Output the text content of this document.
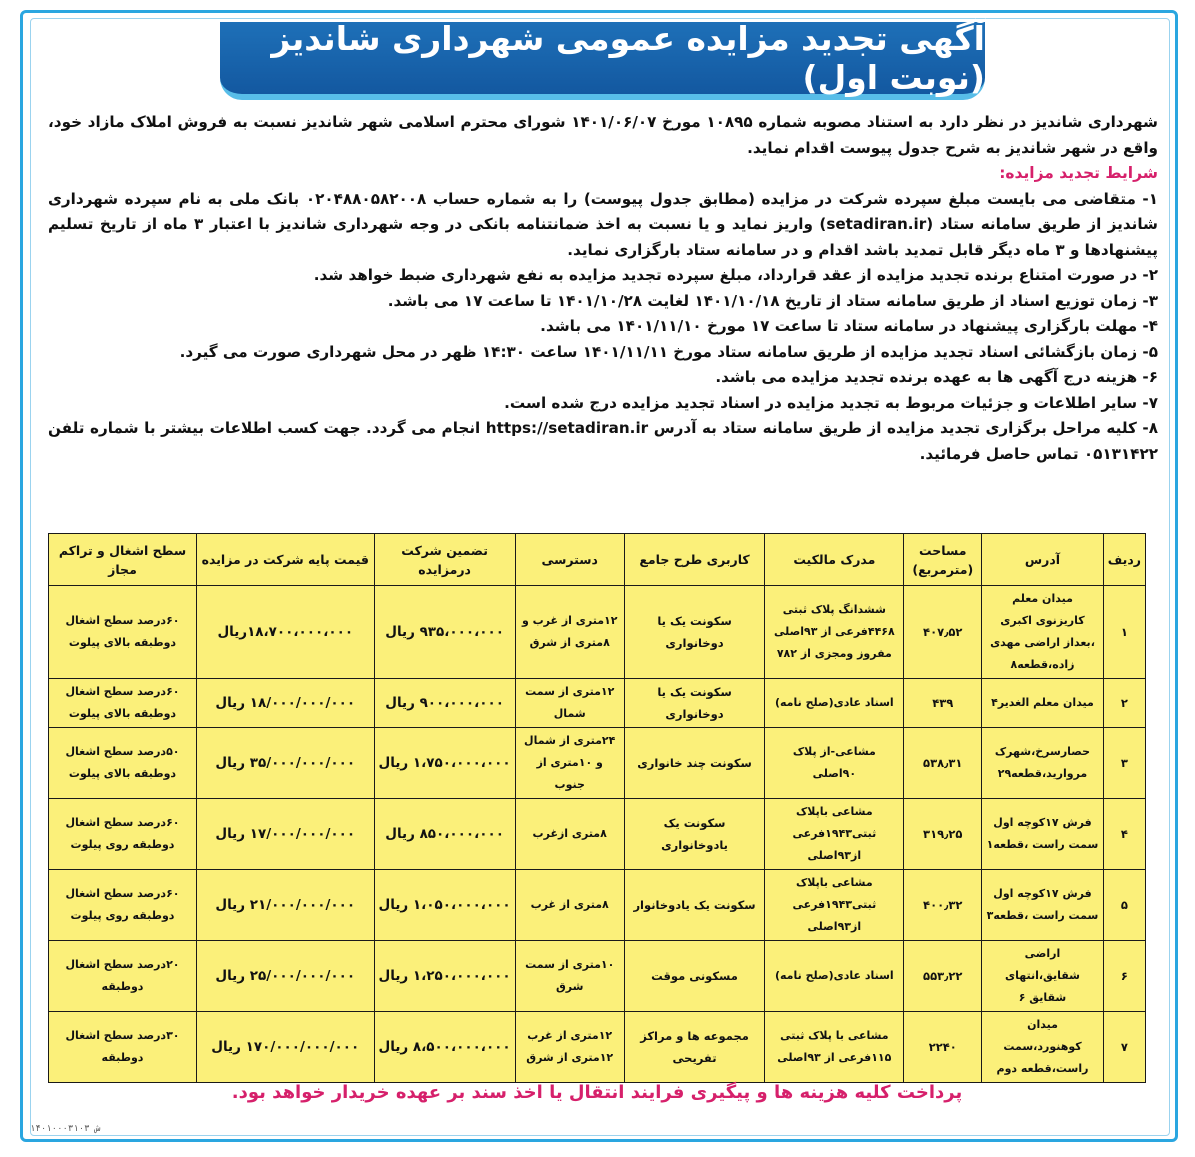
آگهی تجدید مزایده عمومی شهرداری شاندیز (نوبت اول)
شهرداری شاندیز در نظر دارد به استناد مصوبه شماره ۱۰۸۹۵ مورخ ۱۴۰۱/۰۶/۰۷ شورای محترم اسلامی شهر شاندیز نسبت به فروش املاک مازاد خود، واقع در شهر شاندیز به شرح جدول پیوست اقدام نماید.
شرایط تجدید مزایده:
۱- متقاضی می بایست مبلغ سپرده شرکت در مزایده (مطابق جدول پیوست) را به شماره حساب ۰۲۰۴۸۸۰۵۸۲۰۰۸ بانک ملی به نام سپرده شهرداری شاندیز از طریق سامانه ستاد (setadiran.ir) واریز نماید و یا نسبت به اخذ ضمانتنامه بانکی در وجه شهرداری شاندیز با اعتبار ۳ ماه از تاریخ تسلیم پیشنهادها و ۳ ماه دیگر قابل تمدید باشد اقدام و در سامانه ستاد بارگزاری نماید.
۲- در صورت امتناع برنده تجدید مزایده از عقد قرارداد، مبلغ سپرده تجدید مزایده به نفع شهرداری ضبط خواهد شد.
۳- زمان توزیع اسناد از طریق سامانه ستاد از تاریخ ۱۴۰۱/۱۰/۱۸ لغایت ۱۴۰۱/۱۰/۲۸ تا ساعت ۱۷ می باشد.
۴- مهلت بارگزاری پیشنهاد در سامانه ستاد تا ساعت ۱۷ مورخ ۱۴۰۱/۱۱/۱۰ می باشد.
۵- زمان بازگشائی اسناد تجدید مزایده از طریق سامانه ستاد مورخ ۱۴۰۱/۱۱/۱۱ ساعت ۱۴:۳۰ ظهر در محل شهرداری صورت می گیرد.
۶- هزینه درج آگهی ها به عهده برنده تجدید مزایده می باشد.
۷- سایر اطلاعات و جزئیات مربوط به تجدید مزایده در اسناد تجدید مزایده درج شده است.
۸- کلیه مراحل برگزاری تجدید مزایده از طریق سامانه ستاد به آدرس https://setadiran.ir انجام می گردد. جهت کسب اطلاعات بیشتر با شماره تلفن ۰۵۱۳۱۴۲۲ تماس حاصل فرمائید.
ردیف	آدرس	مساحت (مترمربع)	مدرک مالکیت	کاربری طرح جامع	دسترسی	تضمین شرکت درمزایده	قیمت پایه شرکت در مزایده	سطح اشغال و تراکم مجاز
۱	میدان معلم کاریزنوی اکبری ،بعداز اراضی مهدی زاده،قطعه۸	۴۰۷٫۵۲	ششدانگ پلاک ثبتی ۴۴۶۸فرعی از ۹۳اصلی مفروز ومجزی از ۷۸۲	سکونت یک یا دوخانواری	۱۲متری از غرب و ۸متری از شرق	۹۳۵،۰۰۰،۰۰۰ ریال	۱۸،۷۰۰،۰۰۰،۰۰۰ریال	۶۰درصد سطح اشغال دوطبقه بالای پیلوت
۲	میدان معلم الغدیر۴	۴۳۹	اسناد عادی(صلح نامه)	سکونت یک یا دوخانواری	۱۲متری از سمت شمال	۹۰۰،۰۰۰،۰۰۰ ریال	۱۸/۰۰۰/۰۰۰/۰۰۰ ریال	۶۰درصد سطح اشغال دوطبقه بالای پیلوت
۳	حصارسرخ،شهرک مروارید،قطعه۲۹	۵۳۸٫۳۱	مشاعی-از پلاک ۹۰اصلی	سکونت چند خانواری	۲۴متری از شمال و ۱۰متری از جنوب	۱،۷۵۰،۰۰۰،۰۰۰ ریال	۳۵/۰۰۰/۰۰۰/۰۰۰ ریال	۵۰درصد سطح اشغال دوطبقه بالای پیلوت
۴	فرش ۱۷کوچه اول سمت راست ،قطعه۱	۳۱۹٫۲۵	مشاعی باپلاک ثبتی۱۹۴۳فرعی از۹۳اصلی	سکونت یک یادوخانواری	۸متری ازغرب	۸۵۰،۰۰۰،۰۰۰ ریال	۱۷/۰۰۰/۰۰۰/۰۰۰ ریال	۶۰درصد سطح اشغال دوطبقه روی پیلوت
۵	فرش ۱۷کوچه اول سمت راست ،قطعه۳	۴۰۰٫۳۲	مشاعی باپلاک ثبتی۱۹۴۳فرعی از۹۳اصلی	سکونت یک یادوخانوار	۸متری از غرب	۱،۰۵۰،۰۰۰،۰۰۰ ریال	۲۱/۰۰۰/۰۰۰/۰۰۰ ریال	۶۰درصد سطح اشغال دوطبقه روی پیلوت
۶	اراضی شقایق،انتهای شقایق ۶	۵۵۳٫۲۲	اسناد عادی(صلح نامه)	مسکونی موقت	۱۰متری از سمت شرق	۱،۲۵۰،۰۰۰،۰۰۰ ریال	۲۵/۰۰۰/۰۰۰/۰۰۰ ریال	۲۰درصد سطح اشغال دوطبقه
۷	میدان کوهنورد،سمت راست،قطعه دوم	۲۲۴۰	مشاعی با پلاک ثبتی ۱۱۵فرعی از ۹۳اصلی	مجموعه ها و مراکز تفریحی	۱۲متری از غرب ۱۲متری از شرق	۸،۵۰۰،۰۰۰،۰۰۰ ریال	۱۷۰/۰۰۰/۰۰۰/۰۰۰ ریال	۳۰درصد سطح اشغال دوطبقه
پرداخت کلیه هزینه ها و پیگیری فرایند انتقال یا اخذ سند بر عهده خریدار خواهد بود.
ش ۱۴۰۱۰۰۰۳۱۰۳
